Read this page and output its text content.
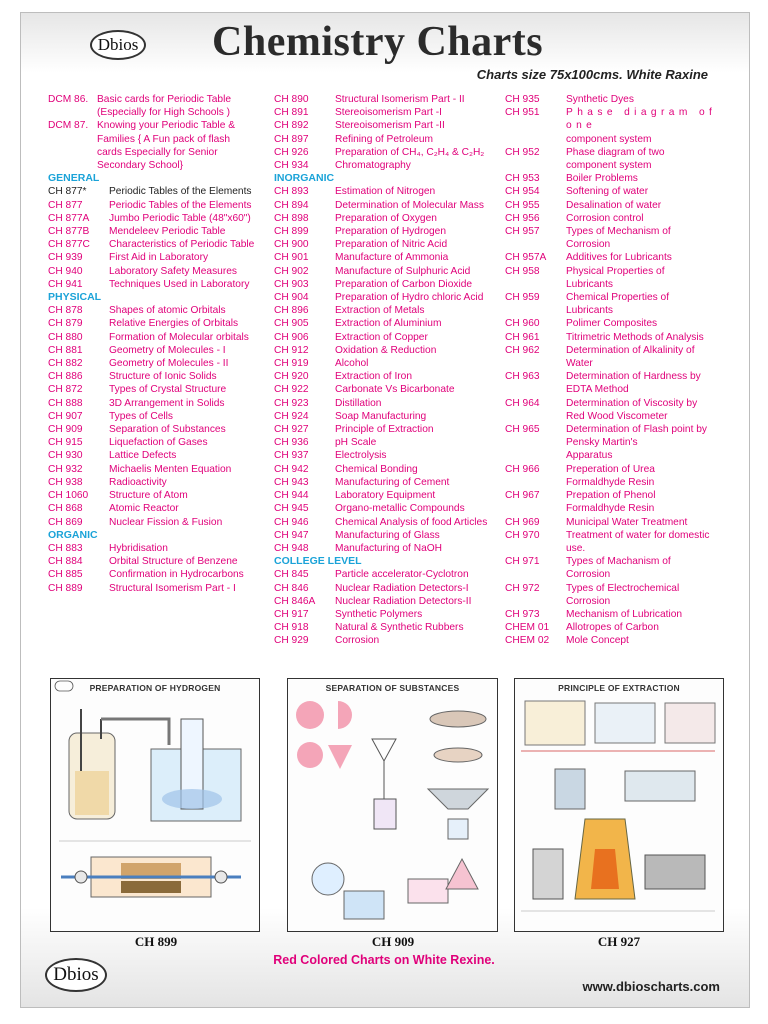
Dbios Chemistry Charts

Charts size 75x100cms. White Raxine

DCM 86. Basic cards for Periodic Table
(Especially for High Schools )
DCM 87. Knowing your Periodic Table &
Families { A Fun pack of flash
cards Especially for Senior
Secondary School}
GENERAL
CH 877*	Periodic Tables of the Elements
CH 877	Periodic Tables of the Elements
CH 877A	Jumbo Periodic Table (48"x60")
CH 877B	Mendeleev Periodic Table
CH 877C	Characteristics of Periodic Table
CH 939	First Aid in Laboratory
CH 940	Laboratory Safety Measures
CH 941	Techniques Used in Laboratory
PHYSICAL
CH 878	Shapes of atomic Orbitals
CH 879	Relative Energies of Orbitals
CH 880	Formation of Molecular orbitals
CH 881	Geometry of Molecules - I
CH 882	Geometry of Molecules - II
CH 886	Structure of Ionic Solids
CH 872	Types of Crystal Structure
CH 888	3D Arrangement in Solids
CH 907	Types of Cells
CH 909	Separation of Substances
CH 915	Liquefaction of Gases
CH 930	Lattice Defects
CH 932	Michaelis Menten Equation
CH 938	Radioactivity
CH 1060	Structure of Atom
CH 868	Atomic Reactor
CH 869	Nuclear Fission & Fusion
ORGANIC
CH 883	Hybridisation
CH 884	Orbital Structure of Benzene
CH 885	Confirmation in Hydrocarbons
CH 889	Structural Isomerism Part - I
CH 890	Structural Isomerism Part - II
CH 891	Stereoisomerism Part -I
CH 892	Stereoisomerism Part -II
CH 897	Refining of Petroleum
CH 926	Preparation of CH₄, C₂H₄ & C₂H₂
CH 934	Chromatography
INORGANIC
CH 893	Estimation of Nitrogen
CH 894	Determination of Molecular Mass
CH 898	Preparation of Oxygen
CH 899	Preparation of Hydrogen
CH 900	Preparation of Nitric Acid
CH 901	Manufacture of Ammonia
CH 902	Manufacture of Sulphuric Acid
CH 903	Preparation of Carbon Dioxide
CH 904	Preparation of Hydro chloric Acid
CH 896	Extraction of Metals
CH 905	Extraction of Aluminium
CH 906	Extraction of Copper
CH 912	Oxidation & Reduction
CH 919	Alcohol
CH 920	Extraction of Iron
CH 922	Carbonate Vs Bicarbonate
CH 923	Distillation
CH 924	Soap Manufacturing
CH 927	Principle of Extraction
CH 936	pH Scale
CH 937	Electrolysis
CH 942	Chemical Bonding
CH 943	Manufacturing of Cement
CH 944	Laboratory Equipment
CH 945	Organo-metallic Compounds
CH 946	Chemical Analysis of food Articles
CH 947	Manufacturing of Glass
CH 948	Manufacturing of NaOH
COLLEGE LEVEL
CH 845	Particle accelerator-Cyclotron
CH 846	Nuclear Radiation Detectors-I
CH 846A	Nuclear Radiation Detectors-II
CH 917	Synthetic Polymers
CH 918	Natural & Synthetic Rubbers
CH 929	Corrosion
CH 935	Synthetic Dyes
CH 951	Phase diagram of one
component system
CH 952	Phase diagram of two
component system
CH 953	Boiler Problems
CH 954	Softening of water
CH 955	Desalination of water
CH 956	Corrosion control
CH 957	Types of Mechanism of
Corrosion
CH 957A	Additives for Lubricants
CH 958	Physical Properties of
Lubricants
CH 959	Chemical Properties of
Lubricants
CH 960	Polimer Composites
CH 961	Titrimetric Methods of Analysis
CH 962	Determination of Alkalinity of
Water
CH 963	Determination of Hardness by
EDTA Method
CH 964	Determination of Viscosity by
Red Wood Viscometer
CH 965	Determination of Flash point by
Pensky Martin's
Apparatus
CH 966	Preperation of Urea
Formaldhyde Resin
CH 967	Prepation of Phenol
Formaldhyde Resin
CH 969	Municipal Water Treatment
CH 970	Treatment of water for domestic
use.
CH 971	Types of Machanism of
Corrosion
CH 972	Types of Electrochemical
Corrosion
CH 973	Mechanism of Lubrication
CHEM 01	Allotropes of Carbon
CHEM 02	Mole Concept
PREPARATION OF HYDROGEN	SEPARATION OF SUBSTANCES	PRINCIPLE OF EXTRACTION
CH 899	CH 909	CH 927
Red Colored Charts on White Rexine.
Dbios
www.dbioscharts.com
